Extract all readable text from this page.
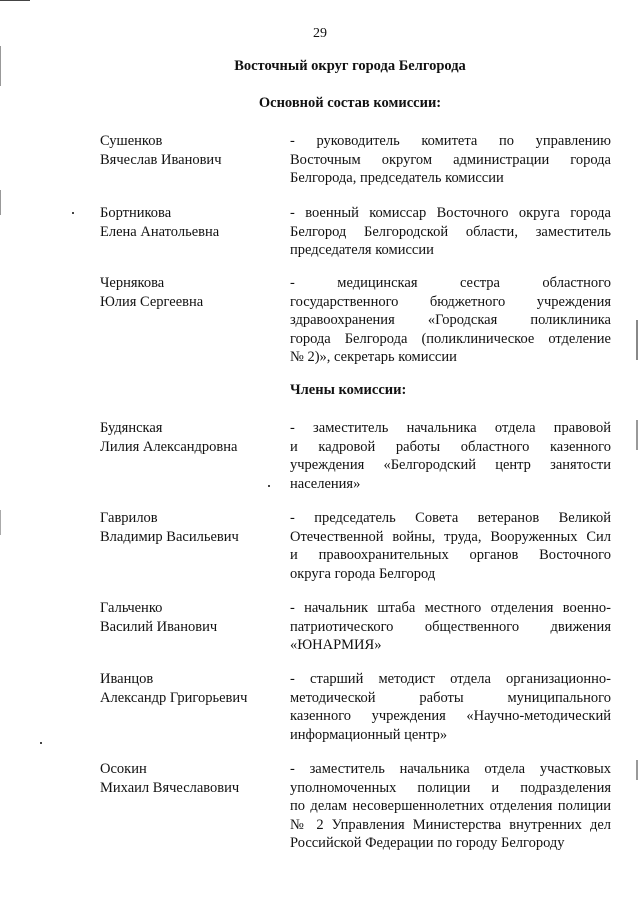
29
Восточный округ города Белгорода
Основной состав комиссии:
Сушенков
Вячеслав Иванович
- руководитель комитета по управлению
Восточным округом администрации города
Белгорода, председатель комиссии
Бортникова
Елена Анатольевна
- военный комиссар Восточного округа города
Белгород Белгородской области, заместитель
председателя комиссии
Чернякова
Юлия Сергеевна
- медицинская сестра областного
государственного бюджетного учреждения
здравоохранения «Городская поликлиника
города Белгорода (поликлиническое отделение
№ 2)», секретарь комиссии
Члены комиссии:
Будянская
Лилия Александровна
- заместитель начальника отдела правовой
и кадровой работы областного казенного
учреждения «Белгородский центр занятости
населения»
Гаврилов
Владимир Васильевич
- председатель Совета ветеранов Великой
Отечественной войны, труда, Вооруженных Сил
и правоохранительных органов Восточного
округа города Белгород
Гальченко
Василий Иванович
- начальник штаба местного отделения военно-
патриотического общественного движения
«ЮНАРМИЯ»
Иванцов
Александр Григорьевич
- старший методист отдела организационно-
методической работы муниципального
казенного учреждения «Научно-методический
информационный центр»
Осокин
Михаил Вячеславович
- заместитель начальника отдела участковых
уполномоченных полиции и подразделения
по делам несовершеннолетних отделения полиции
№ 2 Управления Министерства внутренних дел
Российской Федерации по городу Белгороду
